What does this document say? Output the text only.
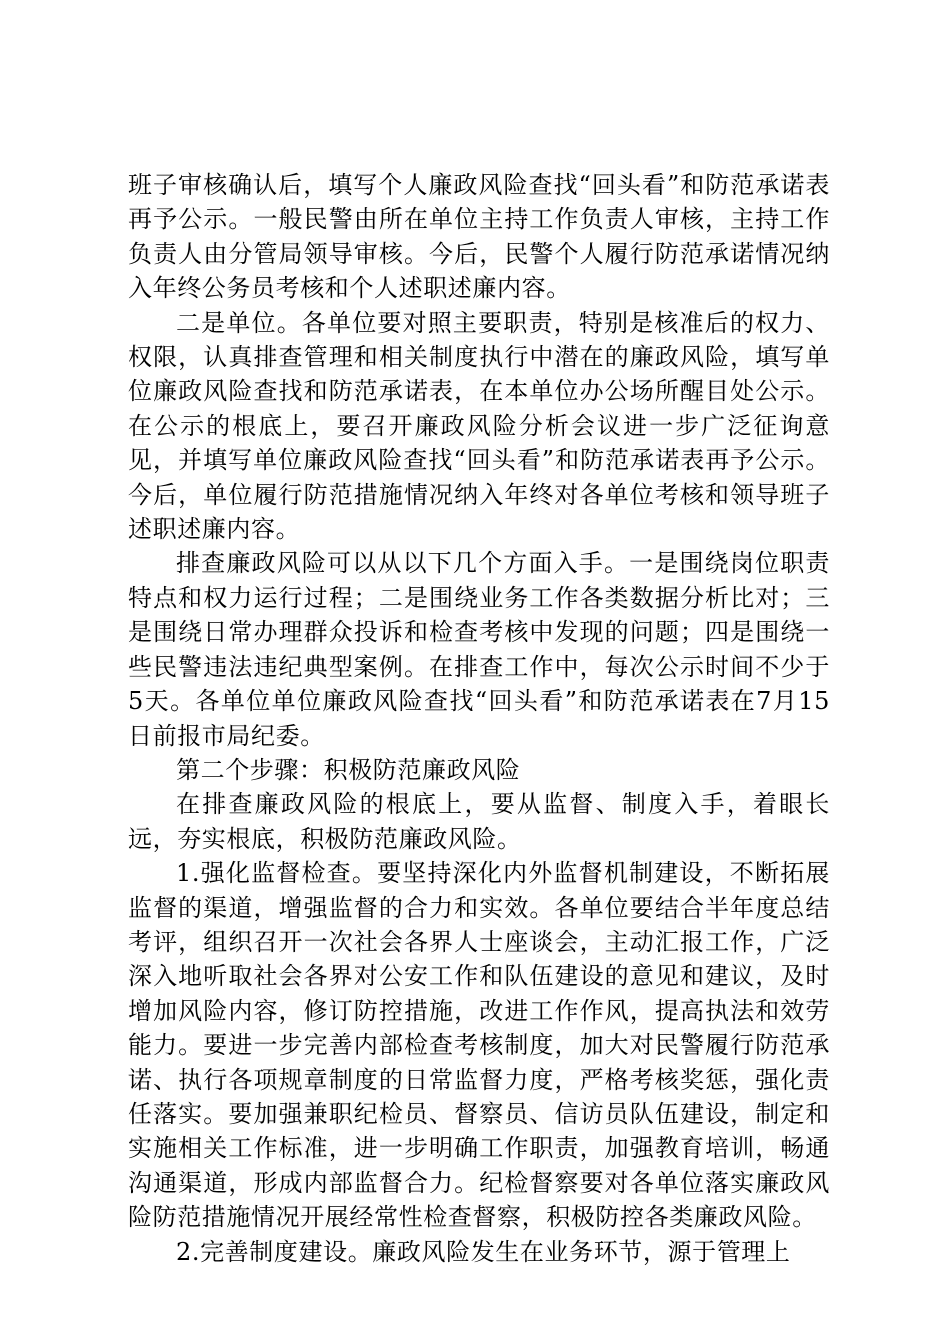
班子审核确认后，填写个人廉政风险查找“回头看”和防范承诺表再予公示。一般民警由所在单位主持工作负责人审核，主持工作负责人由分管局领导审核。今后，民警个人履行防范承诺情况纳入年终公务员考核和个人述职述廉内容。

二是单位。各单位要对照主要职责，特别是核准后的权力、权限，认真排查管理和相关制度执行中潜在的廉政风险，填写单位廉政风险查找和防范承诺表，在本单位办公场所醒目处公示。在公示的根底上，要召开廉政风险分析会议进一步广泛征询意见，并填写单位廉政风险查找“回头看”和防范承诺表再予公示。今后，单位履行防范措施情况纳入年终对各单位考核和领导班子述职述廉内容。

排查廉政风险可以从以下几个方面入手。一是围绕岗位职责特点和权力运行过程；二是围绕业务工作各类数据分析比对；三是围绕日常办理群众投诉和检查考核中发现的问题；四是围绕一些民警违法违纪典型案例。在排查工作中，每次公示时间不少于5天。各单位单位廉政风险查找“回头看”和防范承诺表在7月15日前报市局纪委。

第二个步骤：积极防范廉政风险

在排查廉政风险的根底上，要从监督、制度入手，着眼长远，夯实根底，积极防范廉政风险。

1.强化监督检查。要坚持深化内外监督机制建设，不断拓展监督的渠道，增强监督的合力和实效。各单位要结合半年度总结考评，组织召开一次社会各界人士座谈会，主动汇报工作，广泛深入地听取社会各界对公安工作和队伍建设的意见和建议，及时增加风险内容，修订防控措施，改进工作作风，提高执法和效劳能力。要进一步完善内部检查考核制度，加大对民警履行防范承诺、执行各项规章制度的日常监督力度，严格考核奖惩，强化责任落实。要加强兼职纪检员、督察员、信访员队伍建设，制定和实施相关工作标准，进一步明确工作职责，加强教育培训，畅通沟通渠道，形成内部监督合力。纪检督察要对各单位落实廉政风险防范措施情况开展经常性检查督察，积极防控各类廉政风险。

2.完善制度建设。廉政风险发生在业务环节，源于管理上
